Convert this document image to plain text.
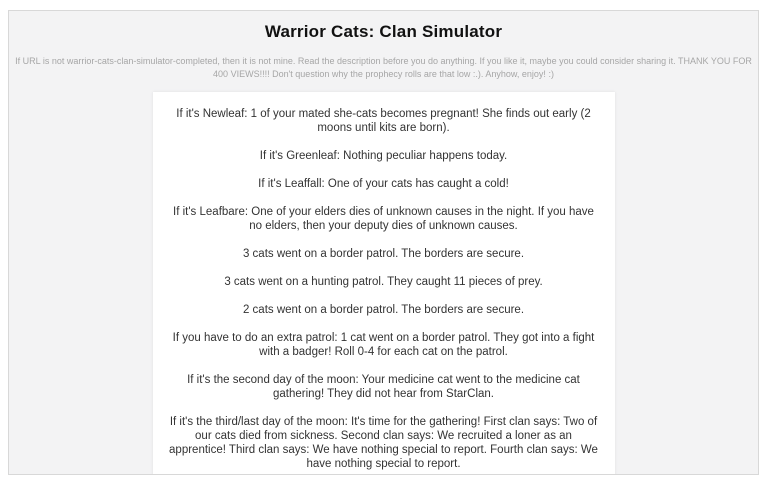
Warrior Cats: Clan Simulator
If URL is not warrior-cats-clan-simulator-completed, then it is not mine. Read the description before you do anything. If you like it, maybe you could consider sharing it. THANK YOU FOR 400 VIEWS!!!! Don't question why the prophecy rolls are that low :.). Anyhow, enjoy! :)

If it's Newleaf: 1 of your mated she-cats becomes pregnant! She finds out early (2 moons until kits are born).

If it's Greenleaf: Nothing peculiar happens today.

If it's Leaffall: One of your cats has caught a cold!

If it's Leafbare: One of your elders dies of unknown causes in the night. If you have no elders, then your deputy dies of unknown causes.

3 cats went on a border patrol. The borders are secure.

3 cats went on a hunting patrol. They caught 11 pieces of prey.

2 cats went on a border patrol. The borders are secure.

If you have to do an extra patrol: 1 cat went on a border patrol. They got into a fight with a badger! Roll 0-4 for each cat on the patrol.

If it's the second day of the moon: Your medicine cat went to the medicine cat gathering! They did not hear from StarClan.

If it's the third/last day of the moon: It's time for the gathering! First clan says: Two of our cats died from sickness. Second clan says: We recruited a loner as an apprentice! Third clan says: We have nothing special to report. Fourth clan says: We have nothing special to report.
